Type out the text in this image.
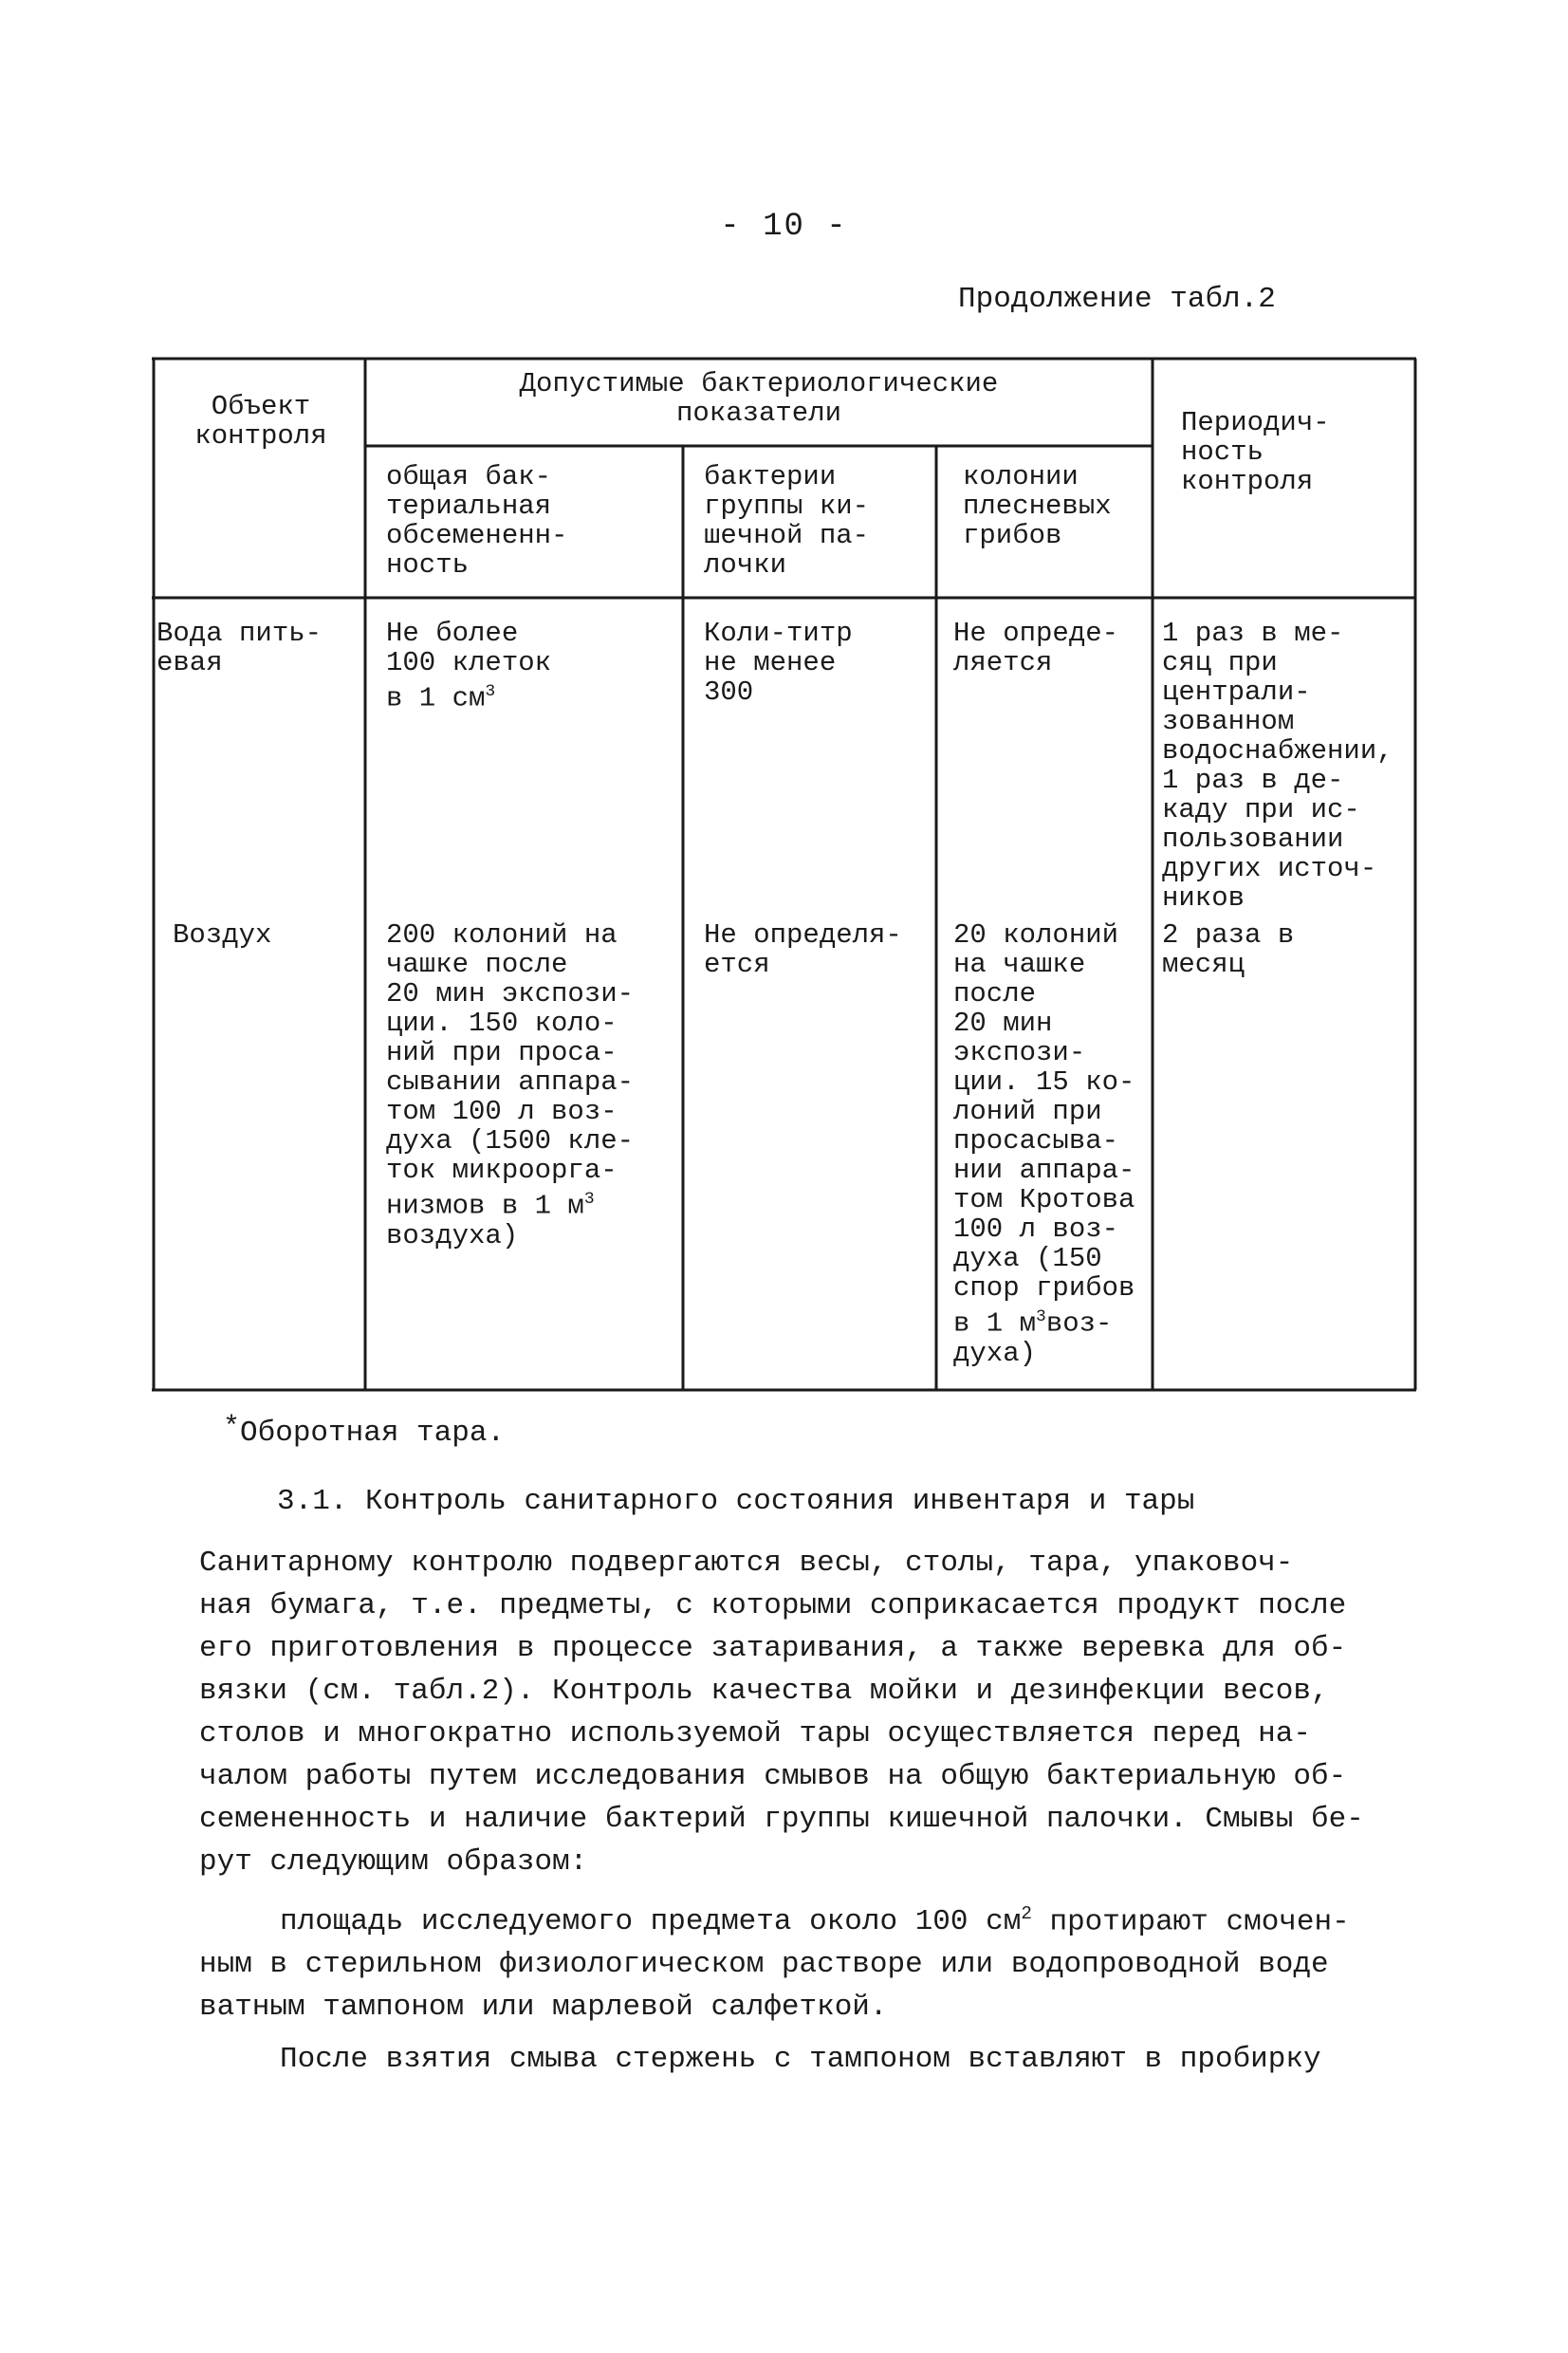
- 10 -
Продолжение табл.2
Объект
контроля
Допустимые бактериологические
показатели
общая бак-
териальная
обсемененн-
ность
бактерии
группы ки-
шечной па-
лочки
колонии
плесневых
грибов
Периодич-
ность
контроля
Вода пить-
евая
Не более
100 клеток
в 1 $см^3$
Коли-титр
не менее
300
Не опреде-
ляется
1 раз в ме-
сяц при
централи-
зованном
водоснабжении,
1 раз в де-
каду при ис-
пользовании
других источ-
ников
Воздух	200 колоний на
чашке после
20 мин экспози-
ции. 150 коло-
ний при проса-
сывании аппара-
том 100 л воз-
духа (1500 кле-
ток микроорга-
низмов в 1 $м^3$
воздуха)
Не определя-
ется
20 колоний
на чашке
после
20 мин
экспози-
ции. 15 ко-
лоний при
просасыва-
нии аппара-
том Кротова
100 л воз-
духа (150
спор грибов
в 1 $м^3воз-$
духа)
2 раза в
месяц
*Оборотная тара.
3.1. Контроль санитарного состояния инвентаря и тары
Санитарному контролю подвергаются весы, столы, тара, упаковоч-
ная бумага, т.е. предметы, с которыми соприкасается продукт после
его приготовления в процессе затаривания, а также веревка для об-
вязки (см. табл.2). Контроль качества мойки и дезинфекции весов,
столов и многократно используемой тары осуществляется перед на-
чалом работы путем исследования смывов на общую бактериальную об-
семененность и наличие бактерий группы кишечной палочки. Смывы бе-
рут следующим образом:
площадь исследуемого предмета около 100 $см^2$ протирают смочен-
ным в стерильном физиологическом растворе или водопроводной воде
ватным тампоном или марлевой салфеткой.
После взятия смыва стержень с тампоном вставляют в пробирку
